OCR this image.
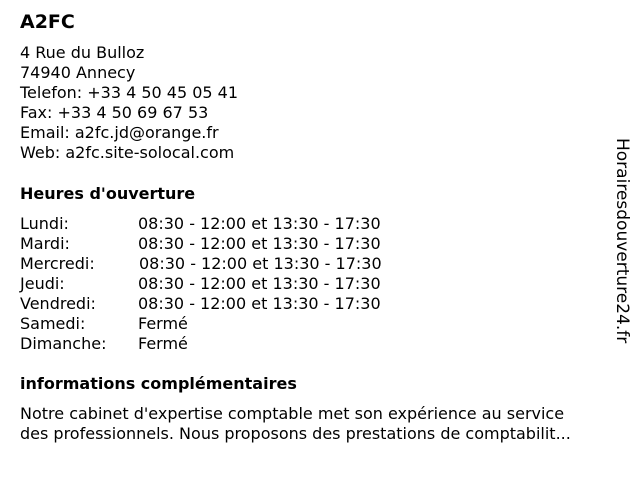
A2FC
4 Rue du Bulloz
74940 Annecy
Telefon: +33 4 50 45 05 41
Fax: +33 4 50 69 67 53
Email: a2fc.jd@orange.fr
Web: a2fc.site-solocal.com
Heures d'ouverture
Lundi:	08:30 - 12:00 et 13:30 - 17:30
Mardi:	08:30 - 12:00 et 13:30 - 17:30
Mercredi:	08:30 - 12:00 et 13:30 - 17:30
Jeudi:	08:30 - 12:00 et 13:30 - 17:30
Vendredi:	08:30 - 12:00 et 13:30 - 17:30
Samedi:	Fermé
Dimanche: Fermé
informations complémentaires
Notre cabinet d'expertise comptable met son expérience au service
des professionnels. Nous proposons des prestations de comptabilit...
Horairesdouverture24.fr
